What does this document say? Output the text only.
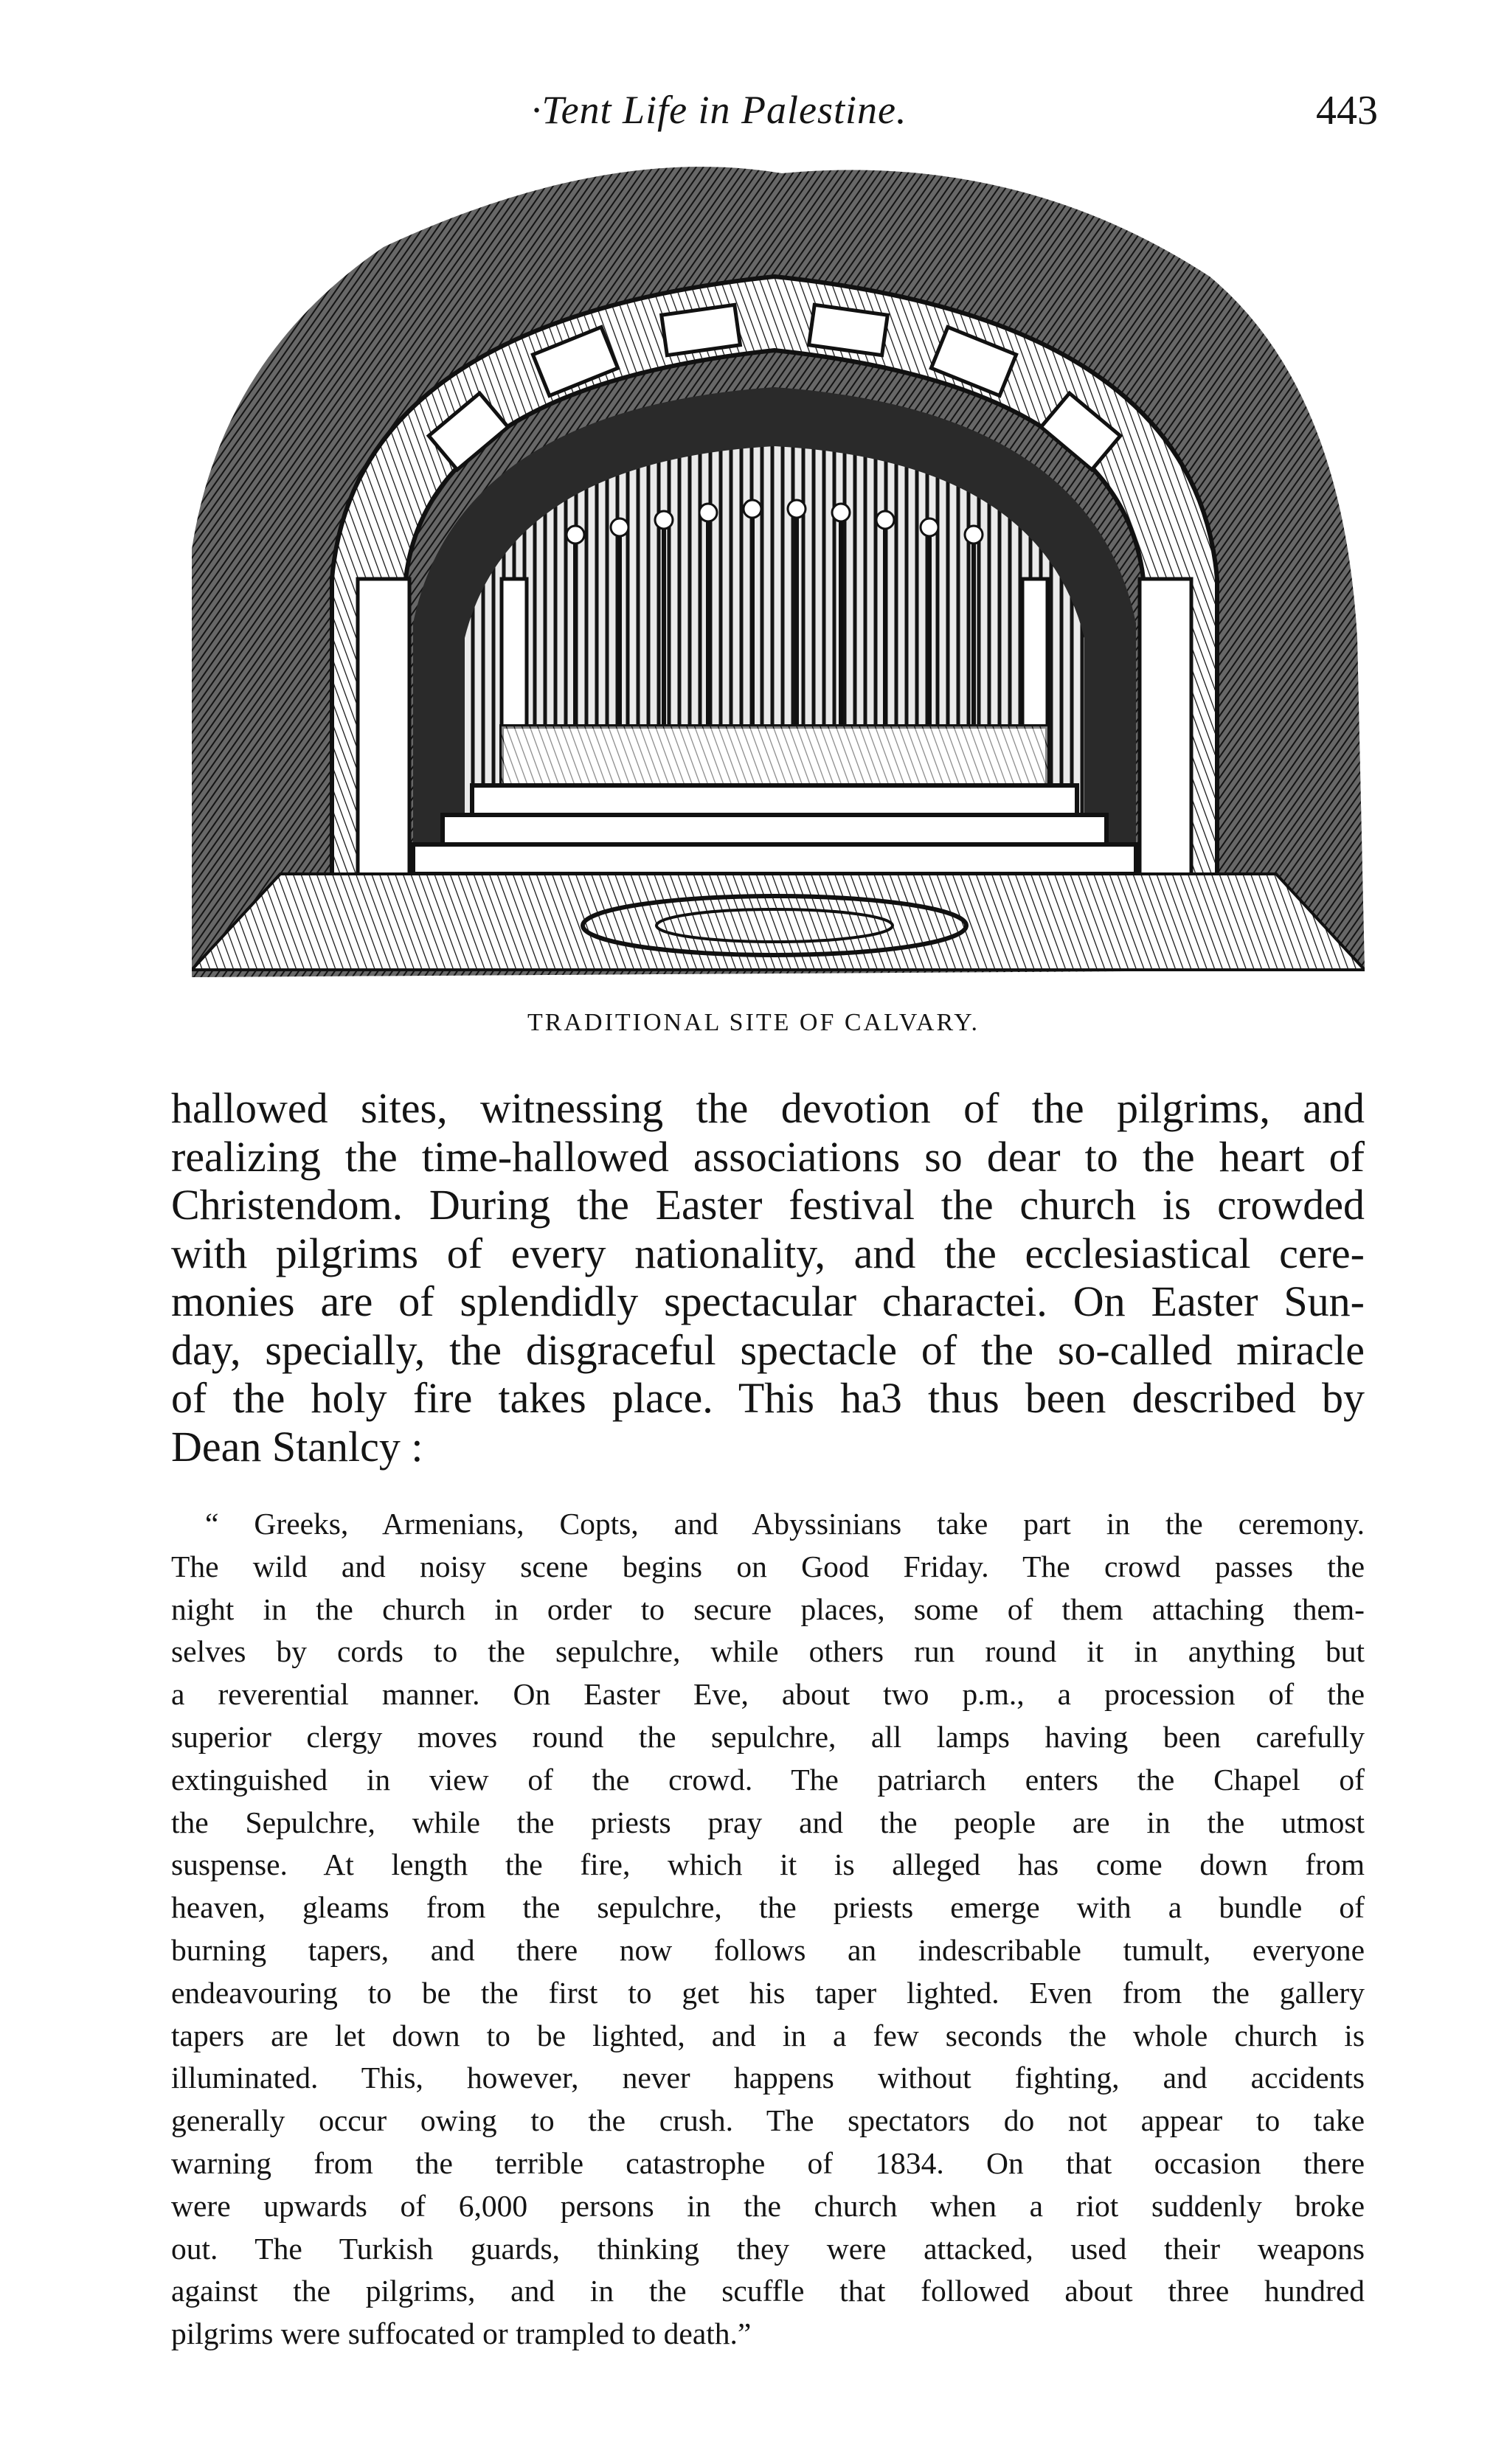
·Tent Life in Palestine.	443
TRADITIONAL SITE OF CALVARY.
hallowed sites, witnessing the devotion of the pilgrims, and
realizing the time-hallowed associations so dear to the heart of
Christendom. During the Easter festival the church is crowded
with pilgrims of every nationality, and the ecclesiastical cere-
monies are of splendidly spectacular charactei. On Easter Sun-
day, specially, the disgraceful spectacle of the so-called miracle
of the holy fire takes place. This ha3 thus been described by
Dean Stanlcy :
“ Greeks, Armenians, Copts, and Abyssinians take part in the ceremony.
The wild and noisy scene begins on Good Friday. The crowd passes the
night in the church in order to secure places, some of them attaching them-
selves by cords to the sepulchre, while others run round it in anything but
a reverential manner. On Easter Eve, about two p.m., a procession of the
superior clergy moves round the sepulchre, all lamps having been carefully
extinguished in view of the crowd. The patriarch enters the Chapel of
the Sepulchre, while the priests pray and the people are in the utmost
suspense. At length the fire, which it is alleged has come down from
heaven, gleams from the sepulchre, the priests emerge with a bundle of
burning tapers, and there now follows an indescribable tumult, everyone
endeavouring to be the first to get his taper lighted. Even from the gallery
tapers are let down to be lighted, and in a few seconds the whole church is
illuminated. This, however, never happens without fighting, and accidents
generally occur owing to the crush. The spectators do not appear to take
warning from the terrible catastrophe of 1834. On that occasion there
were upwards of 6,000 persons in the church when a riot suddenly broke
out. The Turkish guards, thinking they were attacked, used their weapons
against the pilgrims, and in the scuffle that followed about three hundred
pilgrims were suffocated or trampled to death.”
